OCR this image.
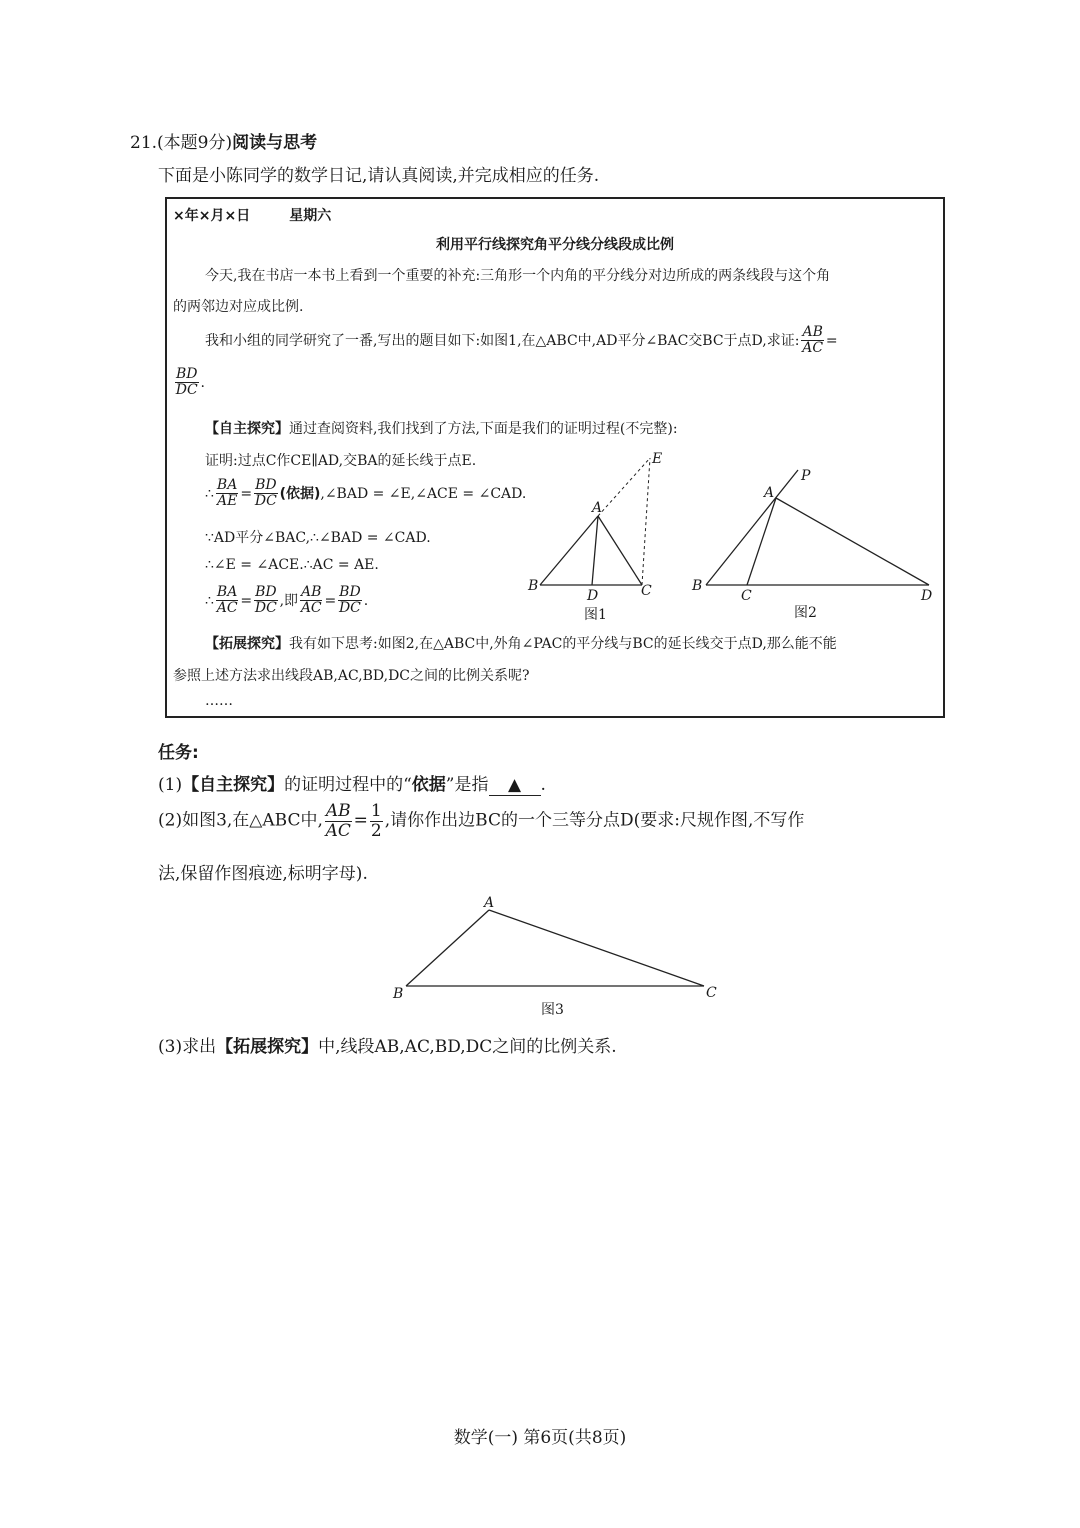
21.(本题9分)阅读与思考
下面是小陈同学的数学日记,请认真阅读,并完成相应的任务.
×年×月×日	星期六
利用平行线探究角平分线分线段成比例
今天,我在书店一本书上看到一个重要的补充:三角形一个内角的平分线分对边所成的两条线段与这个角
的两邻边对应成比例.
我和小组的同学研究了一番,写出的题目如下:如图1,在△ABC中,AD平分∠BAC交BC于点D,求证: $\frac{AB}{AC}$ =
$\frac{BD}{DC}$ .
【自主探究】通过查阅资料,我们找到了方法,下面是我们的证明过程(不完整):
证明:过点C作CE∥AD,交BA的延长线于点E.
∴ $\frac{BA}{AE} = \frac{BD}{DC}$ (依据),∠BAD = ∠E,∠ACE = ∠CAD.
∵AD平分∠BAC,∴∠BAD = ∠CAD.
∴∠E = ∠ACE.∴AC = AE.
∴ $\frac{BA}{AC} = \frac{BD}{DC}$ ,即 $\frac{AB}{AC} = \frac{BD}{DC}$ .
【拓展探究】我有如下思考:如图2,在△ABC中,外角∠PAC的平分线与BC的延长线交于点D,那么能不能
参照上述方法求出线段AB,AC,BD,DC之间的比例关系呢?
……
A
B	C
D
E
图1
A
P
B
C	D
图2
任务:
(1)【自主探究】的证明过程中的“依据”是指 ▲ .
(2)如图3,在△ABC中, $\frac{AB}{AC} = \frac{1}{2}$ ,请你作出边BC的一个三等分点D(要求:尺规作图,不写作
法,保留作图痕迹,标明字母).
A
B	C
图3
(3)求出【拓展探究】中,线段AB,AC,BD,DC之间的比例关系.
数学(一) 第6页(共8页)
